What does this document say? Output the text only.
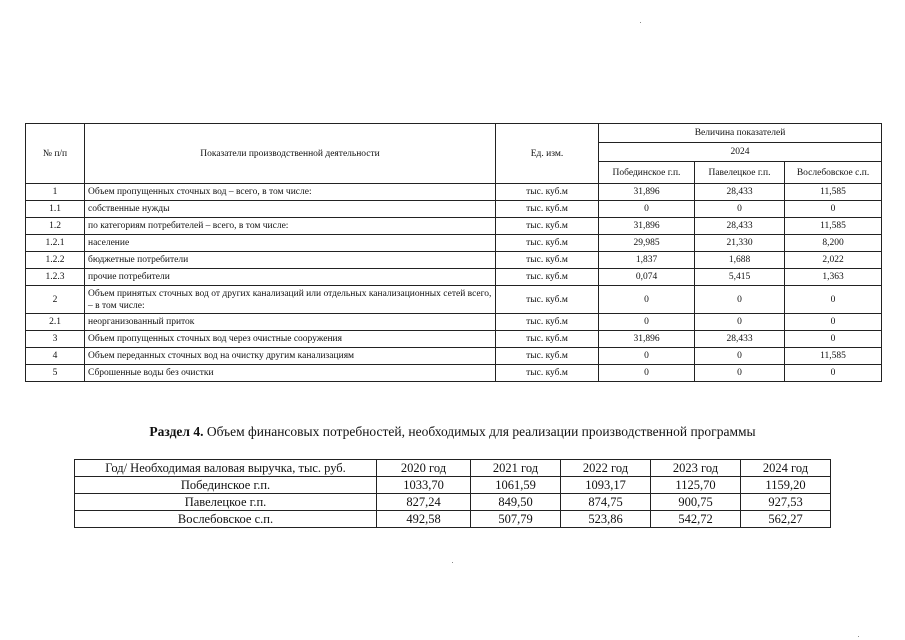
№ п/п	Показатели производственной деятельности	Ед. изм.	Величина показателей		
			2024		
			Побединское г.п.	Павелецкое г.п.	Вослебовское с.п.
1	Объем пропущенных сточных вод – всего, в том числе:	тыс. куб.м	31,896	28,433	11,585
1.1	собственные нужды	тыс. куб.м	0	0	0
1.2	по категориям потребителей – всего, в том числе:	тыс. куб.м	31,896	28,433	11,585
1.2.1	население	тыс. куб.м	29,985	21,330	8,200
1.2.2	бюджетные потребители	тыс. куб.м	1,837	1,688	2,022
1.2.3	прочие потребители	тыс. куб.м	0,074	5,415	1,363
2	Объем принятых сточных вод от других канализаций или отдельных канализационных сетей всего, – в том числе:	тыс. куб.м	0	0	0
2.1	неорганизованный приток	тыс. куб.м	0	0	0
3	Объем пропущенных сточных вод через очистные сооружения	тыс. куб.м	31,896	28,433	0
4	Объем переданных сточных вод на очистку другим канализациям	тыс. куб.м	0	0	11,585
5	Сброшенные воды без очистки	тыс. куб.м	0	0	0
Раздел 4. Объем финансовых потребностей, необходимых для реализации производственной программы
Год/ Необходимая валовая выручка, тыс. руб.	2020 год	2021 год	2022 год	2023 год	2024 год
Побединское г.п.	1033,70	1061,59	1093,17	1125,70	1159,20
Павелецкое г.п.	827,24	849,50	874,75	900,75	927,53
Вослебовское с.п.	492,58	507,79	523,86	542,72	562,27
